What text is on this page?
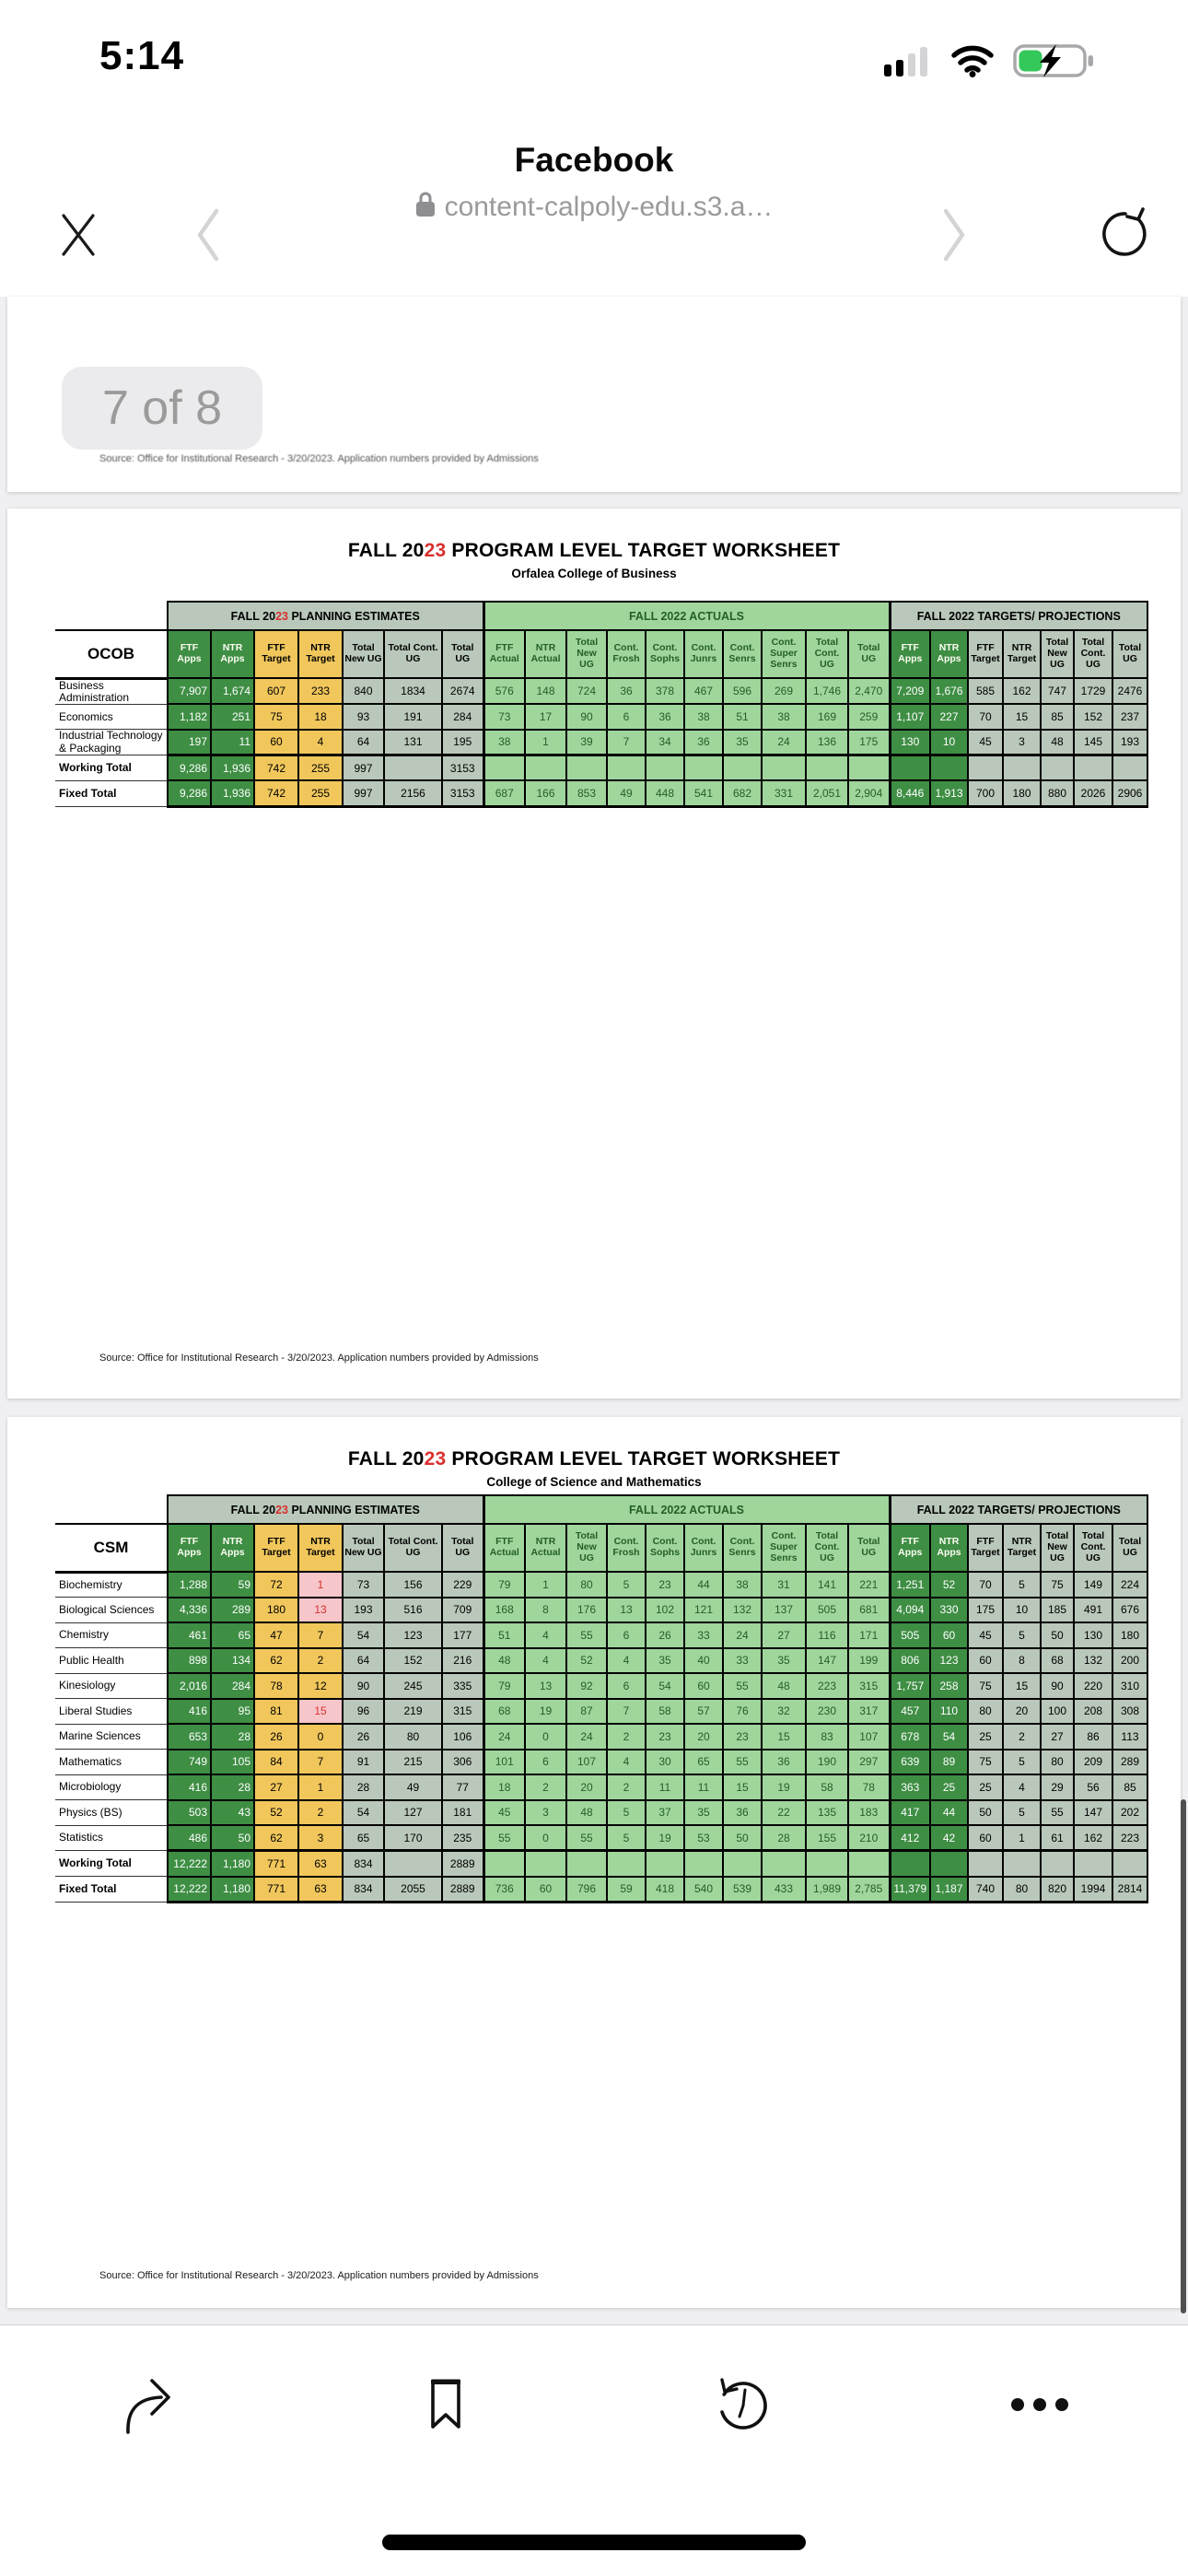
5:14
Facebook
content-calpoly-edu.s3.a…
7 of 8
Source: Office for Institutional Research - 3/20/2023. Application numbers provided by Admissions
FALL 2023 PROGRAM LEVEL TARGET WORKSHEET
Orfalea College of Business
	FALL 2023 PLANNING ESTIMATES							FALL 2022 ACTUALS										FALL 2022 TARGETS/ PROJECTIONS						
OCOB	FTF Apps	NTR Apps	FTF Target	NTR Target	Total New UG	Total Cont. UG	Total UG	FTF Actual	NTR Actual	Total New UG	Cont. Frosh	Cont. Sophs	Cont. Junrs	Cont. Senrs	Cont. Super Senrs	Total Cont. UG	Total UG	FTF Apps	NTR Apps	FTF Target	NTR Target	Total New UG	Total Cont. UG	Total UG
Business Administration	7,907	1,674	607	233	840	1834	2674	576	148	724	36	378	467	596	269	1,746	2,470	7,209	1,676	585	162	747	1729	2476
Economics	1,182	251	75	18	93	191	284	73	17	90	6	36	38	51	38	169	259	1,107	227	70	15	85	152	237
Industrial Technology & Packaging	197	11	60	4	64	131	195	38	1	39	7	34	36	35	24	136	175	130	10	45	3	48	145	193
Working Total	9,286	1,936	742	255	997		3153																	
Fixed Total	9,286	1,936	742	255	997	2156	3153	687	166	853	49	448	541	682	331	2,051	2,904	8,446	1,913	700	180	880	2026	2906
Source: Office for Institutional Research - 3/20/2023. Application numbers provided by Admissions
FALL 2023 PROGRAM LEVEL TARGET WORKSHEET
College of Science and Mathematics
	FALL 2023 PLANNING ESTIMATES							FALL 2022 ACTUALS										FALL 2022 TARGETS/ PROJECTIONS						
CSM	FTF Apps	NTR Apps	FTF Target	NTR Target	Total New UG	Total Cont. UG	Total UG	FTF Actual	NTR Actual	Total New UG	Cont. Frosh	Cont. Sophs	Cont. Junrs	Cont. Senrs	Cont. Super Senrs	Total Cont. UG	Total UG	FTF Apps	NTR Apps	FTF Target	NTR Target	Total New UG	Total Cont. UG	Total UG
Biochemistry	1,288	59	72	1	73	156	229	79	1	80	5	23	44	38	31	141	221	1,251	52	70	5	75	149	224
Biological Sciences	4,336	289	180	13	193	516	709	168	8	176	13	102	121	132	137	505	681	4,094	330	175	10	185	491	676
Chemistry	461	65	47	7	54	123	177	51	4	55	6	26	33	24	27	116	171	505	60	45	5	50	130	180
Public Health	898	134	62	2	64	152	216	48	4	52	4	35	40	33	35	147	199	806	123	60	8	68	132	200
Kinesiology	2,016	284	78	12	90	245	335	79	13	92	6	54	60	55	48	223	315	1,757	258	75	15	90	220	310
Liberal Studies	416	95	81	15	96	219	315	68	19	87	7	58	57	76	32	230	317	457	110	80	20	100	208	308
Marine Sciences	653	28	26	0	26	80	106	24	0	24	2	23	20	23	15	83	107	678	54	25	2	27	86	113
Mathematics	749	105	84	7	91	215	306	101	6	107	4	30	65	55	36	190	297	639	89	75	5	80	209	289
Microbiology	416	28	27	1	28	49	77	18	2	20	2	11	11	15	19	58	78	363	25	25	4	29	56	85
Physics (BS)	503	43	52	2	54	127	181	45	3	48	5	37	35	36	22	135	183	417	44	50	5	55	147	202
Statistics	486	50	62	3	65	170	235	55	0	55	5	19	53	50	28	155	210	412	42	60	1	61	162	223
Working Total	12,222	1,180	771	63	834		2889																	
Fixed Total	12,222	1,180	771	63	834	2055	2889	736	60	796	59	418	540	539	433	1,989	2,785	11,379	1,187	740	80	820	1994	2814
Source: Office for Institutional Research - 3/20/2023. Application numbers provided by Admissions
